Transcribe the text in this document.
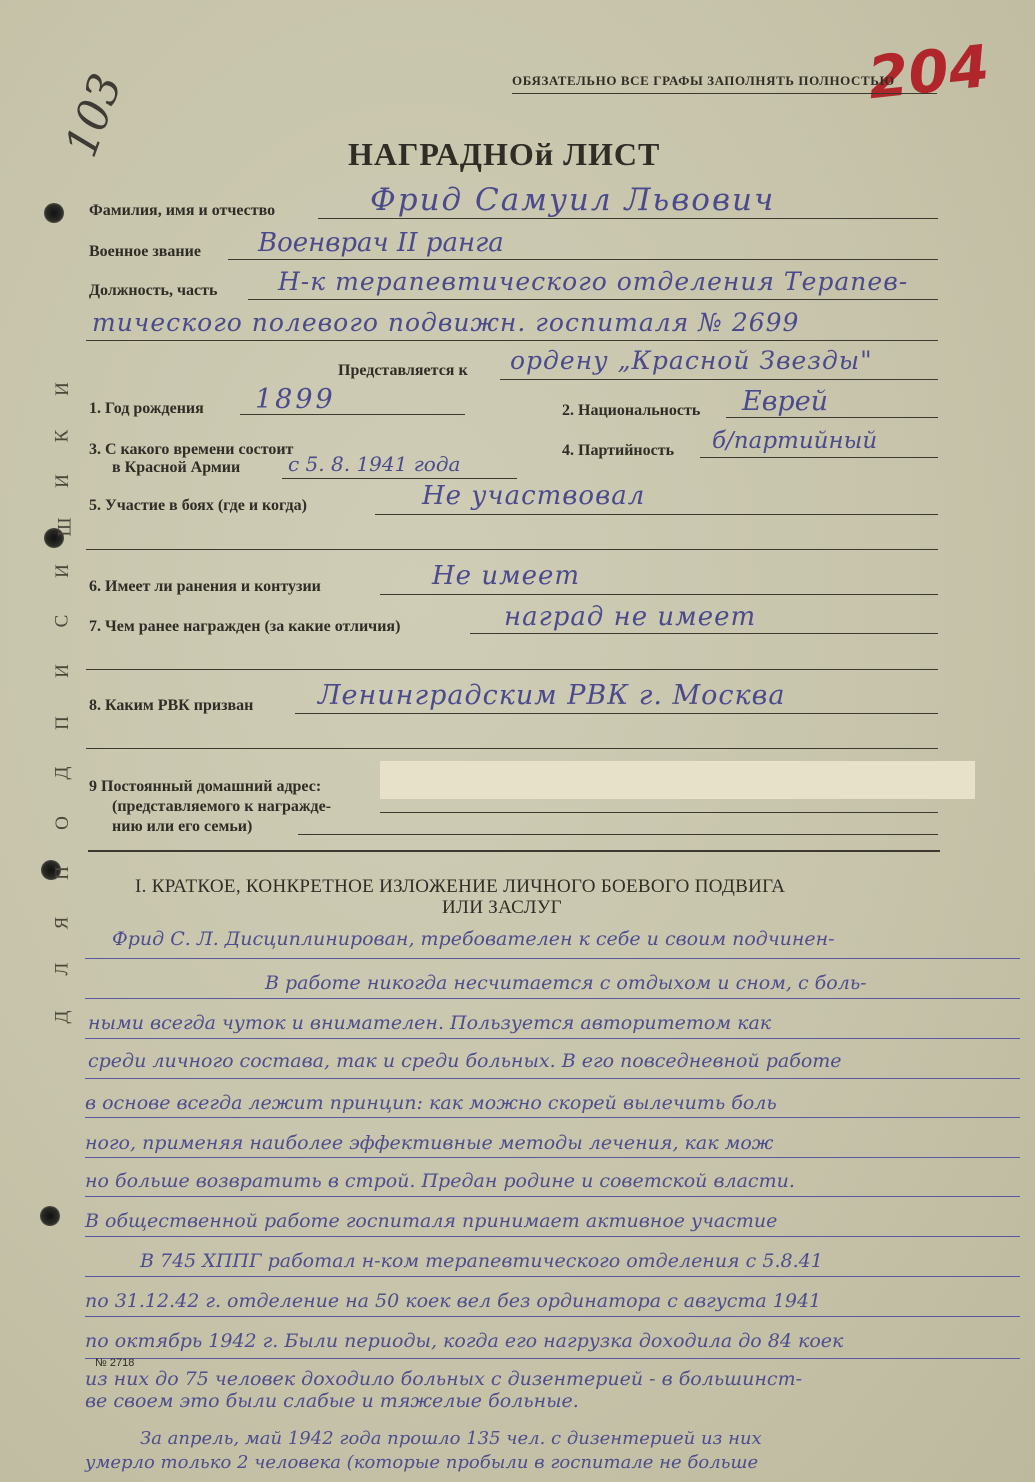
103	204
ОБЯЗАТЕЛЬНО ВСЕ ГРАФЫ ЗАПОЛНЯТЬ ПОЛНОСТЬЮ
НАГРАДНОй ЛИСТ
Фамилия, имя и отчество	Фрид Самуил Львович
Военное звание Военврач II ранга
Должность, часть Н-к терапевтического отделения Терапев-
тического полевого подвижн. госпиталя № 2699
Представляется к ордену „Красной Звезды"
1. Год рождения 1899	2. Национальность Еврей
3. С какого времени состоит
в Красной Армии с 5. 8. 1941 года
4. Партийность б/партийный
5. Участие в боях (где и когда)	Не участвовал
6. Имеет ли ранения и контузии	Не имеет
7. Чем ранее награжден (за какие отличия)	наград не имеет
8. Каким РВК призван Ленинградским РВК г. Москва
9 Постоянный домашний адрес:
(представляемого к награжде-
нию или его семьи)
Д
Л
Я
П
О
Д
П
И
С
И
Ш
И
К
И
I. КРАТКОЕ, КОНКРЕТНОЕ ИЗЛОЖЕНИЕ ЛИЧНОГО БОЕВОГО ПОДВИГА
ИЛИ ЗАСЛУГ
Фрид С. Л. Дисциплинирован, требователен к себе и своим подчинен-
В работе никогда несчитается с отдыхом и сном, с боль-
ными всегда чуток и внимателен. Пользуется авторитетом как
среди личного состава, так и среди больных. В его повседневной работе
в основе всегда лежит принцип: как можно скорей вылечить боль
ного, применяя наиболее эффективные методы лечения, как мож
но больше возвратить в строй. Предан родине и советской власти.
В общественной работе госпиталя принимает активное участие
В 745 ХППГ работал н-ком терапевтического отделения с 5.8.41
по 31.12.42 г. отделение на 50 коек вел без ординатора с августа 1941
по октябрь 1942 г. Были периоды, когда его нагрузка доходила до 84 коек
из них до 75 человек доходило больных с дизентерией - в большинст-
ве своем это были слабые и тяжелые больные.
За апрель, май 1942 года прошло 135 чел. с дизентерией из них
умерло только 2 человека (которые пробыли в госпитале не больше
№ 2718
